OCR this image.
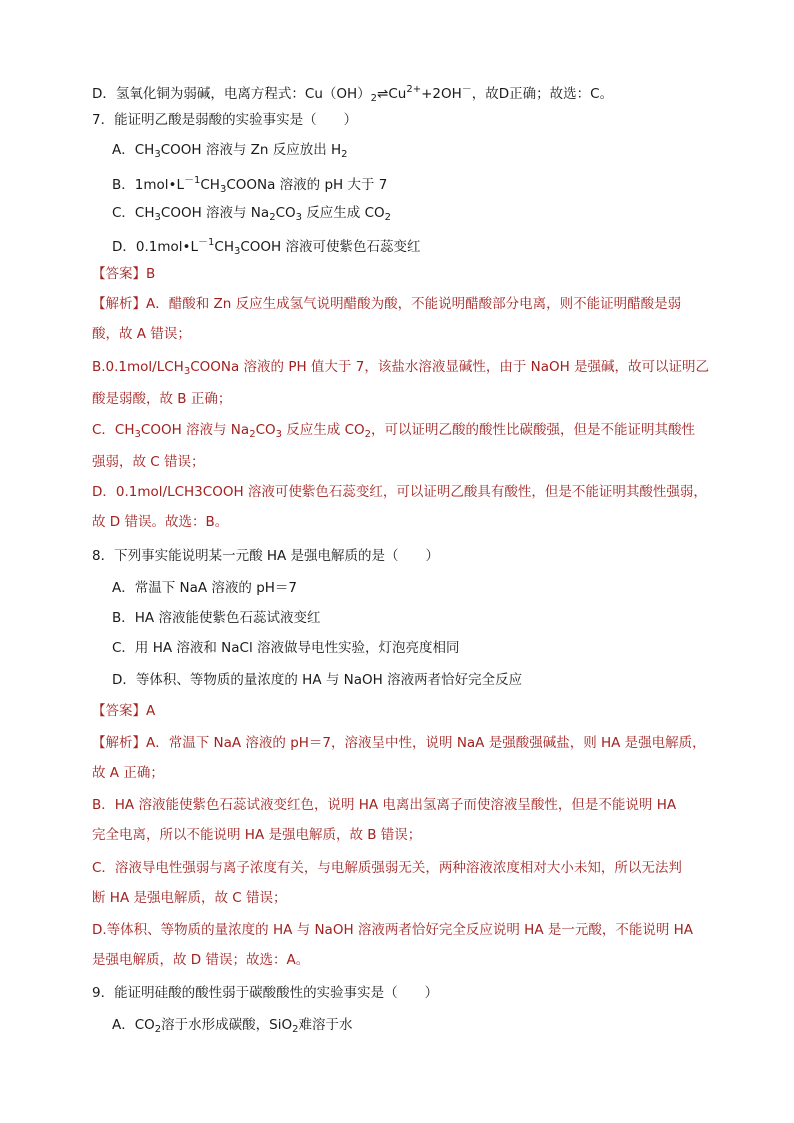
D．氢氧化铜为弱碱，电离方程式：$Cu(OH)_2\rightleftharpoons Cu^{2+}+2OH^-$，故D正确；故选：C。
7．能证明乙酸是弱酸的实验事实是（　　）
A．$CH_3COOH$ 溶液与 Zn 反应放出 $H_2$
B．$1mol•L^{-1}CH_3COONa$ 溶液的 pH 大于 7
C．$CH_3COOH$ 溶液与 $Na_2CO_3$ 反应生成 $CO_2$
D．$0.1mol•L^{-1}CH_3COOH$ 溶液可使紫色石蕊变红
【答案】B
【解析】A．醋酸和 Zn 反应生成氢气说明醋酸为酸，不能说明醋酸部分电离，则不能证明醋酸是弱
酸，故 A 错误；
$B.0.1mol/LCH_3COONa$ 溶液的 PH 值大于 7，该盐水溶液显碱性，由于 NaOH 是强碱，故可以证明乙
酸是弱酸，故 B 正确；
C．$CH_3COOH$ 溶液与 $Na_2CO_3$ 反应生成 $CO_2$，可以证明乙酸的酸性比碳酸强，但是不能证明其酸性
强弱，故 C 错误；
D．0.1mol/LCH3COOH 溶液可使紫色石蕊变红，可以证明乙酸具有酸性，但是不能证明其酸性强弱，
故 D 错误。故选：B。
8．下列事实能说明某一元酸 HA 是强电解质的是（　　）
A．常温下 NaA 溶液的 pH＝7
B．HA 溶液能使紫色石蕊试液变红
C．用 HA 溶液和 NaCl 溶液做导电性实验，灯泡亮度相同
D．等体积、等物质的量浓度的 HA 与 NaOH 溶液两者恰好完全反应
【答案】A
【解析】A．常温下 NaA 溶液的 pH＝7，溶液呈中性，说明 NaA 是强酸强碱盐，则 HA 是强电解质，
故 A 正确；
B．HA 溶液能使紫色石蕊试液变红色，说明 HA 电离出氢离子而使溶液呈酸性，但是不能说明 HA
完全电离，所以不能说明 HA 是强电解质，故 B 错误；
C．溶液导电性强弱与离子浓度有关，与电解质强弱无关，两种溶液浓度相对大小未知，所以无法判
断 HA 是强电解质，故 C 错误；
D.等体积、等物质的量浓度的 HA 与 NaOH 溶液两者恰好完全反应说明 HA 是一元酸，不能说明 HA
是强电解质，故 D 错误；故选：A。
9．能证明硅酸的酸性弱于碳酸酸性的实验事实是（　　）
A．$CO_2$溶于水形成碳酸，SiO$_2$难溶于水
